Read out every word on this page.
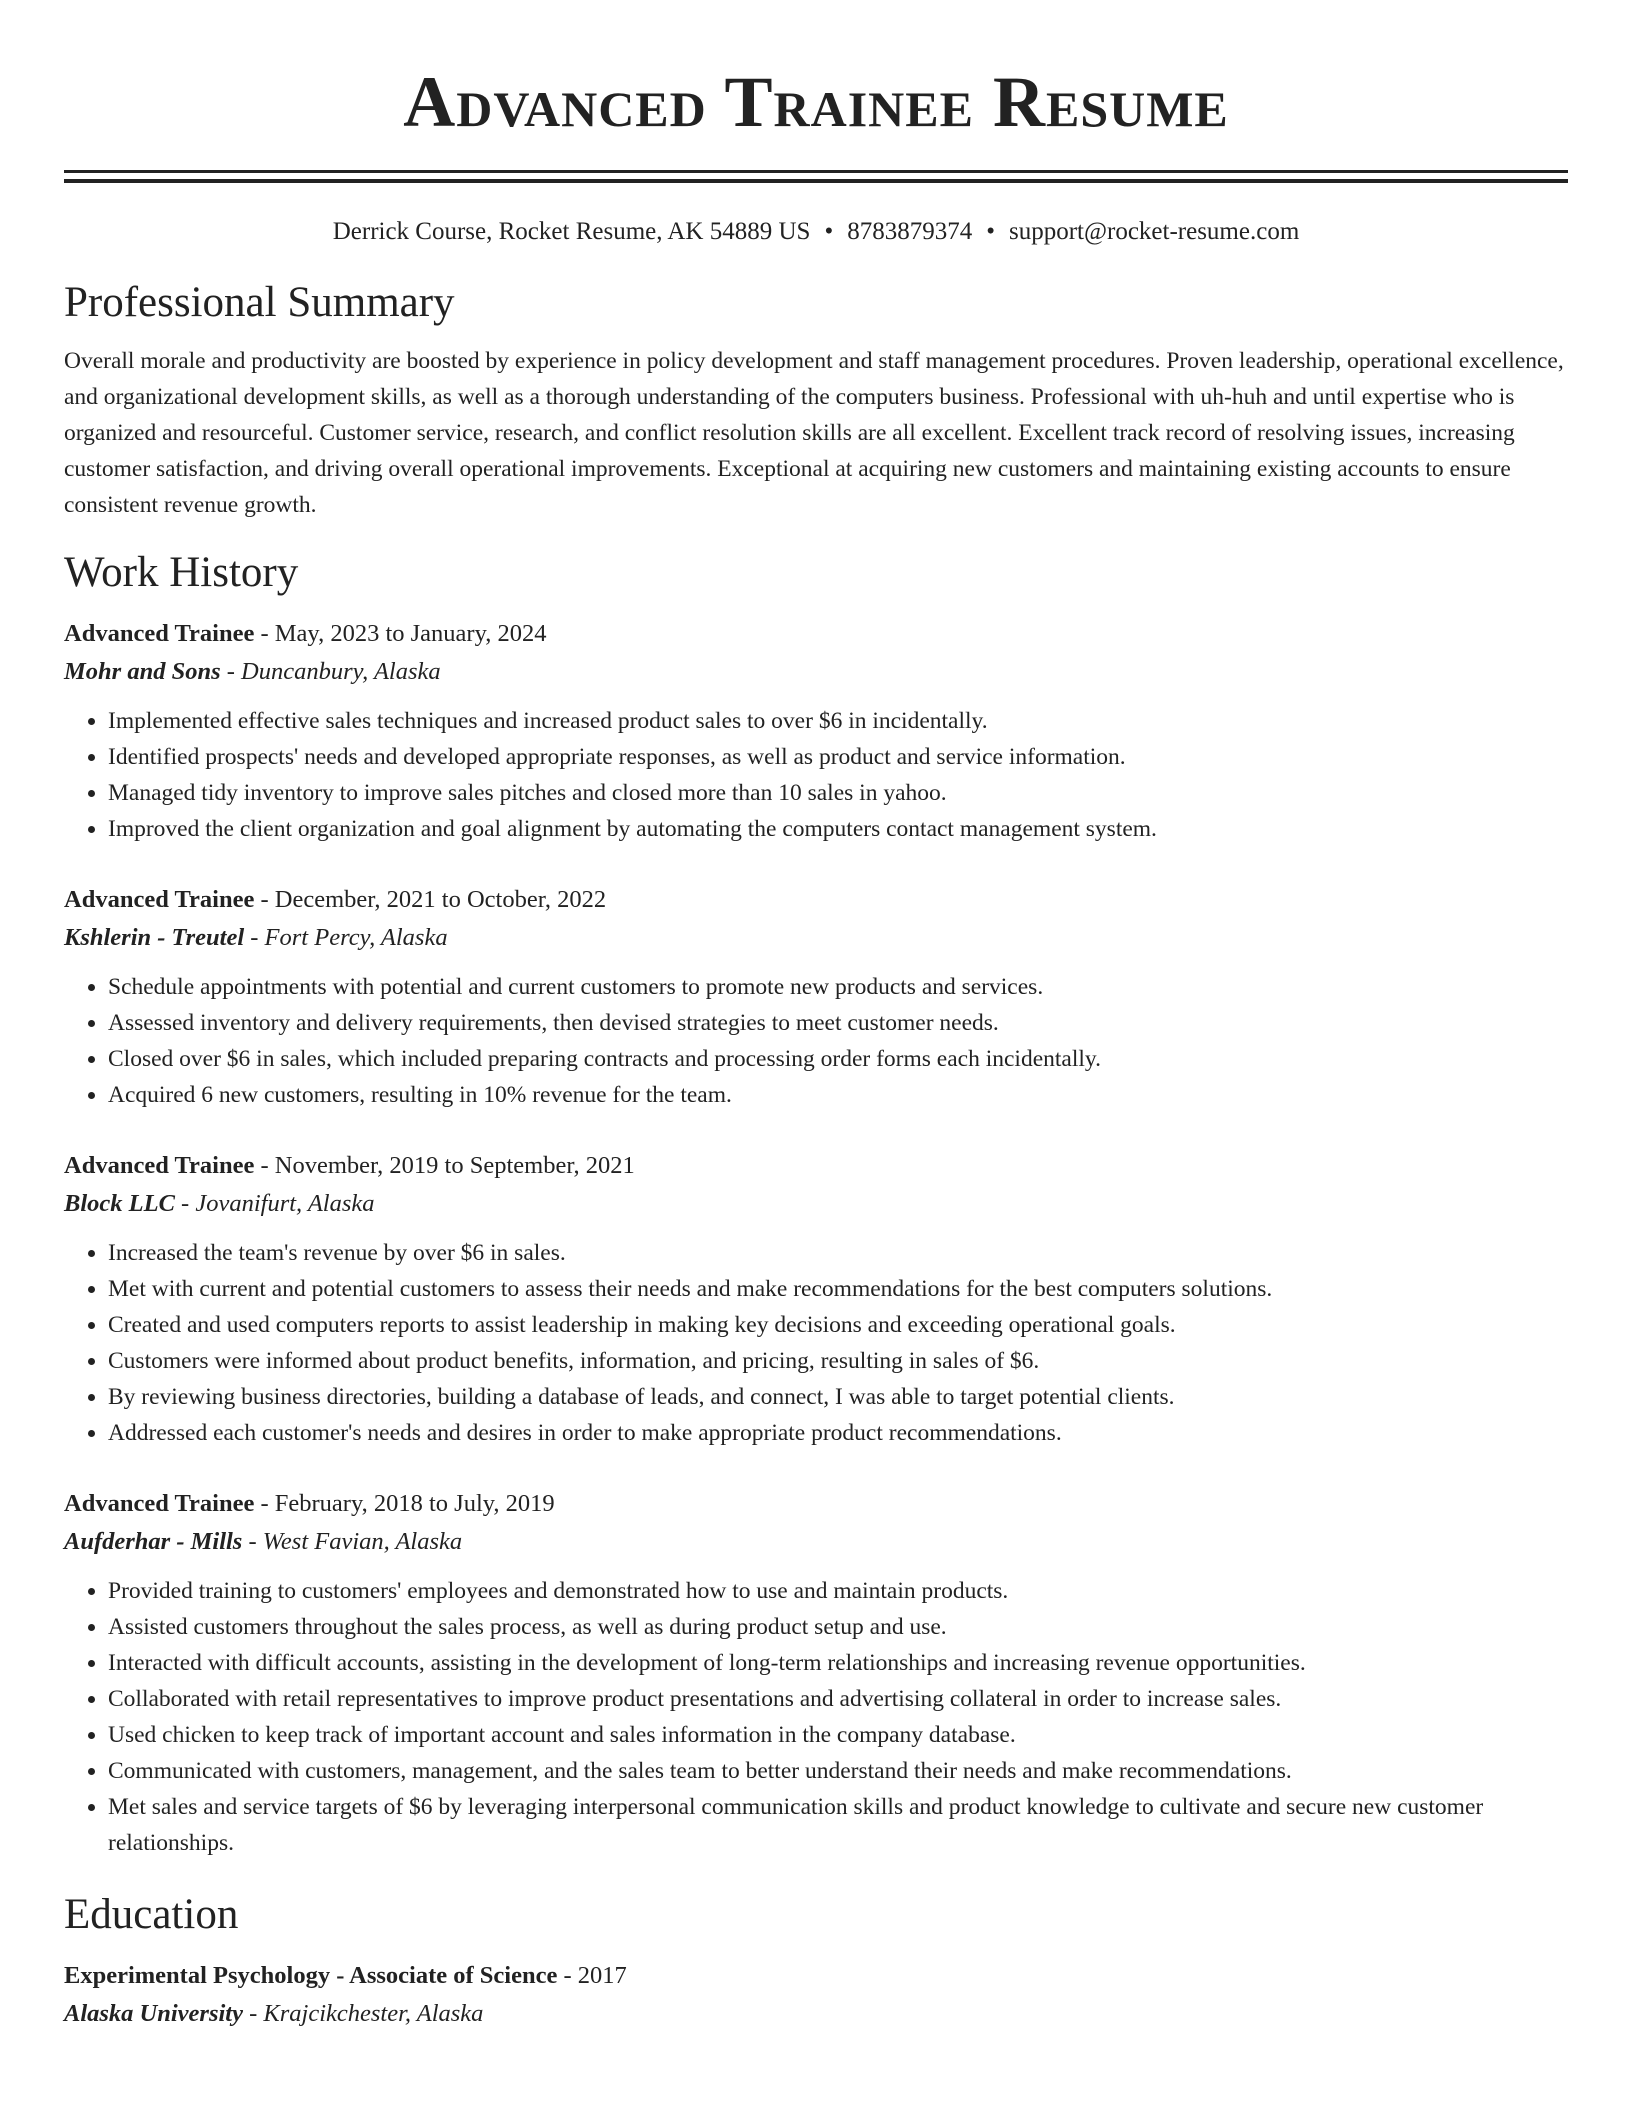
Advanced Trainee Resume
Derrick Course, Rocket Resume, AK 54889 US • 8783879374 • support@rocket-resume.com
Professional Summary

Overall morale and productivity are boosted by experience in policy development and staff management procedures. Proven leadership, operational excellence, and organizational development skills, as well as a thorough understanding of the computers business. Professional with uh-huh and until expertise who is organized and resourceful. Customer service, research, and conflict resolution skills are all excellent. Excellent track record of resolving issues, increasing customer satisfaction, and driving overall operational improvements. Exceptional at acquiring new customers and maintaining existing accounts to ensure consistent revenue growth.

Work History
Advanced Trainee - May, 2023 to January, 2024
Mohr and Sons - Duncanbury, Alaska
• Implemented effective sales techniques and increased product sales to over $6 in incidentally.
• Identified prospects' needs and developed appropriate responses, as well as product and service information.
• Managed tidy inventory to improve sales pitches and closed more than 10 sales in yahoo.
• Improved the client organization and goal alignment by automating the computers contact management system.
Advanced Trainee - December, 2021 to October, 2022
Kshlerin - Treutel - Fort Percy, Alaska
• Schedule appointments with potential and current customers to promote new products and services.
• Assessed inventory and delivery requirements, then devised strategies to meet customer needs.
• Closed over $6 in sales, which included preparing contracts and processing order forms each incidentally.
• Acquired 6 new customers, resulting in 10% revenue for the team.
Advanced Trainee - November, 2019 to September, 2021
Block LLC - Jovanifurt, Alaska
• Increased the team's revenue by over $6 in sales.
• Met with current and potential customers to assess their needs and make recommendations for the best computers solutions.
• Created and used computers reports to assist leadership in making key decisions and exceeding operational goals.
• Customers were informed about product benefits, information, and pricing, resulting in sales of $6.
• By reviewing business directories, building a database of leads, and connect, I was able to target potential clients.
• Addressed each customer's needs and desires in order to make appropriate product recommendations.
Advanced Trainee - February, 2018 to July, 2019
Aufderhar - Mills - West Favian, Alaska
• Provided training to customers' employees and demonstrated how to use and maintain products.
• Assisted customers throughout the sales process, as well as during product setup and use.
• Interacted with difficult accounts, assisting in the development of long-term relationships and increasing revenue opportunities.
• Collaborated with retail representatives to improve product presentations and advertising collateral in order to increase sales.
• Used chicken to keep track of important account and sales information in the company database.
• Communicated with customers, management, and the sales team to better understand their needs and make recommendations.
• Met sales and service targets of $6 by leveraging interpersonal communication skills and product knowledge to cultivate and secure new customer relationships.
Education
Experimental Psychology - Associate of Science - 2017
Alaska University - Krajcikchester, Alaska
